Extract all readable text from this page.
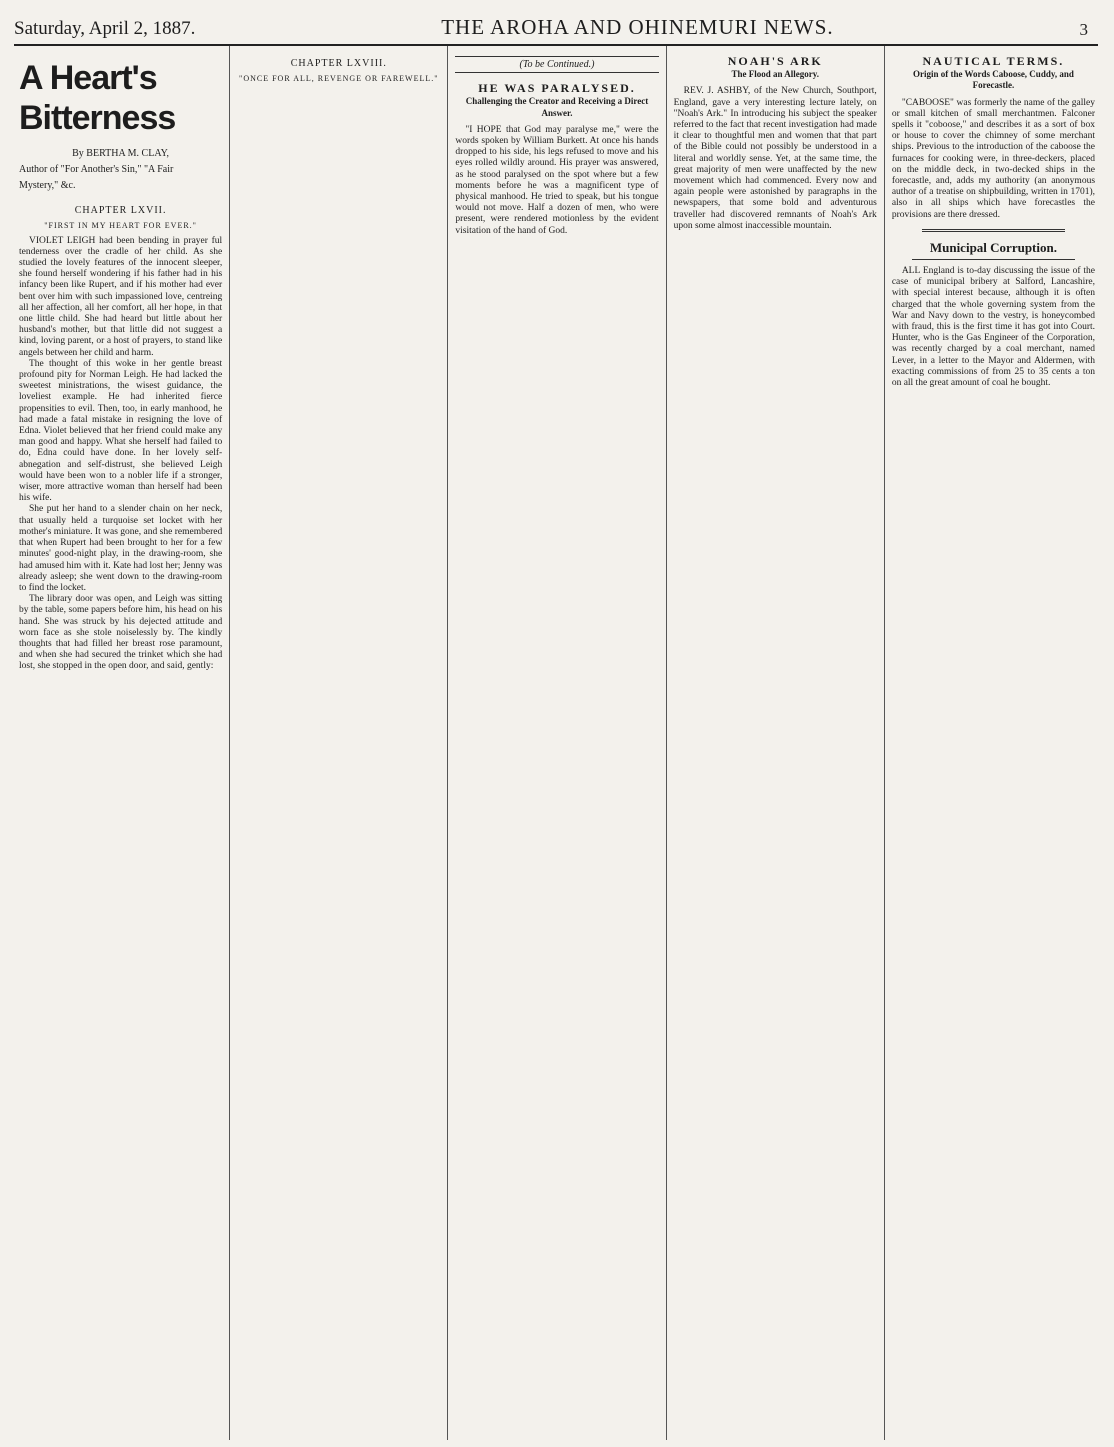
Saturday, April 2, 1887.	THE AROHA AND OHINEMURI NEWS.	3
A Heart's Bitterness
By BERTHA M. CLAY,
Author of "For Another's Sin," "A Fair
Mystery," &c.
CHAPTER LXVII.
"FIRST IN MY HEART FOR EVER."

VIOLET LEIGH had been bending in prayer ful tenderness over the cradle of her child. As she studied the lovely features of the innocent sleeper, she found herself wondering if his father had in his infancy been like Rupert, and if his mother had ever bent over him with such impassioned love, centreing all her affection, all her comfort, all her hope, in that one little child. She had heard but little about her husband's mother, but that little did not suggest a kind, loving parent, or a host of prayers, to stand like angels between her child and harm.

The thought of this woke in her gentle breast profound pity for Norman Leigh. He had lacked the sweetest ministrations, the wisest guidance, the loveliest example. He had inherited fierce propensities to evil. Then, too, in early manhood, he had made a fatal mistake in resigning the love of Edna. Violet believed that her friend could make any man good and happy. What she herself had failed to do, Edna could have done. In her lovely self-abnegation and self-distrust, she believed Leigh would have been won to a nobler life if a stronger, wiser, more attractive woman than herself had been his wife.

She put her hand to a slender chain on her neck, that usually held a turquoise set locket with her mother's miniature. It was gone, and she remembered that when Rupert had been brought to her for a few minutes' good-night play, in the drawing-room, she had amused him with it. Kate had lost her; Jenny was already asleep; she went down to the drawing-room to find the locket.

The library door was open, and Leigh was sitting by the table, some papers before him, his head on his hand. She was struck by his dejected attitude and worn face as she stole noiselessly by. The kindly thoughts that had filled her breast rose paramount, and when she had secured the trinket which she had lost, she stopped in the open door, and said, gently:

CHAPTER LXVIII.
"ONCE FOR ALL, REVENGE OR FAREWELL."
(To be Continued.)
HE WAS PARALYSED.
Challenging the Creator and Receiving a Direct Answer.

"I HOPE that God may paralyse me," were the words spoken by William Burkett. At once his hands dropped to his side, his legs refused to move and his eyes rolled wildly around. His prayer was answered, as he stood paralysed on the spot where but a few moments before he was a magnificent type of physical manhood. He tried to speak, but his tongue would not move. Half a dozen of men, who were present, were rendered motionless by the evident visitation of the hand of God.

NOAH'S ARK
The Flood an Allegory.

REV. J. ASHBY, of the New Church, Southport, England, gave a very interesting lecture lately, on "Noah's Ark." In introducing his subject the speaker referred to the fact that recent investigation had made it clear to thoughtful men and women that that part of the Bible could not possibly be understood in a literal and worldly sense. Yet, at the same time, the great majority of men were unaffected by the new movement which had commenced. Every now and again people were astonished by paragraphs in the newspapers, that some bold and adventurous traveller had discovered remnants of Noah's Ark upon some almost inaccessible mountain.

NAUTICAL TERMS.
Origin of the Words Caboose, Cuddy, and Forecastle.

"CABOOSE" was formerly the name of the galley or small kitchen of small merchantmen. Falconer spells it "coboose," and describes it as a sort of box or house to cover the chimney of some merchant ships. Previous to the introduction of the caboose the furnaces for cooking were, in three-deckers, placed on the middle deck, in two-decked ships in the forecastle, and, adds my authority (an anonymous author of a treatise on shipbuilding, written in 1701), also in all ships which have forecastles the provisions are there dressed.

Municipal Corruption.

ALL England is to-day discussing the issue of the case of municipal bribery at Salford, Lancashire, with special interest because, although it is often charged that the whole governing system from the War and Navy down to the vestry, is honeycombed with fraud, this is the first time it has got into Court. Hunter, who is the Gas Engineer of the Corporation, was recently charged by a coal merchant, named Lever, in a letter to the Mayor and Aldermen, with exacting commissions of from 25 to 35 cents a ton on all the great amount of coal he bought.
